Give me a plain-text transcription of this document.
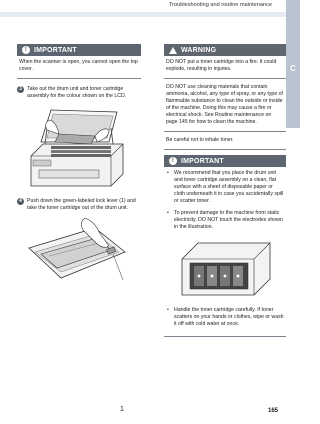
Troubleshooting and routine maintenance
C
! IMPORTANT
When the scanner is open, you cannot open the top cover.
3 Take out the drum unit and toner cartridge assembly for the colour shown on the LCD.
4 Push down the green-labeled lock lever (1) and take the toner cartridge out of the drum unit.
1
WARNING
DO NOT put a toner cartridge into a fire. It could explode, resulting in injuries.
DO NOT use cleaning materials that contain ammonia, alcohol, any type of spray, or any type of flammable substance to clean the outside or inside of the machine. Doing this may cause a fire or electrical shock. See Routine maintenance on page 145 for how to clean the machine.
Be careful not to inhale toner.
! IMPORTANT
• We recommend that you place the drum unit and toner cartridge assembly on a clean, flat surface with a sheet of disposable paper or cloth underneath it in case you accidentally spill or scatter toner.
• To prevent damage to the machine from static electricity, DO NOT touch the electrodes shown in the illustration.
• Handle the toner cartridge carefully. If toner scatters on your hands or clothes, wipe or wash it off with cold water at once.
165
